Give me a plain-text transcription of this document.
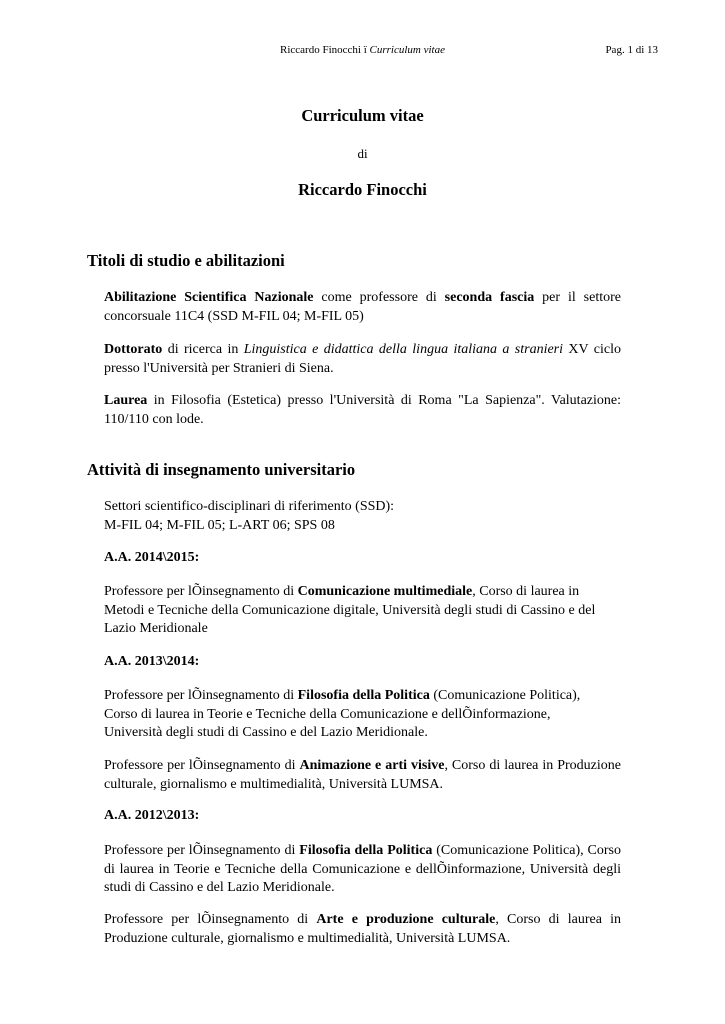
Riccardo Finocchi ï Curriculum vitae	Pag. 1 di 13
Curriculum vitae
di
Riccardo Finocchi
Titoli di studio e abilitazioni
Abilitazione Scientifica Nazionale come professore di seconda fascia per il settore concorsuale 11C4 (SSD M-FIL 04; M-FIL 05)
Dottorato di ricerca in Linguistica e didattica della lingua italiana a stranieri XV ciclo presso l'Università per Stranieri di Siena.
Laurea in Filosofia (Estetica) presso l'Università di Roma "La Sapienza". Valutazione: 110/110 con lode.
Attività di insegnamento universitario
Settori scientifico-disciplinari di riferimento (SSD):
M-FIL 04; M-FIL 05; L-ART 06; SPS 08
A.A. 2014\2015:
Professore per lÕinsegnamento di Comunicazione multimediale, Corso di laurea in Metodi e Tecniche della Comunicazione digitale, Università degli studi di Cassino e del Lazio Meridionale
A.A. 2013\2014:
Professore per lÕinsegnamento di Filosofia della Politica (Comunicazione Politica), Corso di laurea in Teorie e Tecniche della Comunicazione e dellÕinformazione, Università degli studi di Cassino e del Lazio Meridionale.
Professore per lÕinsegnamento di Animazione e arti visive, Corso di laurea in Produzione culturale, giornalismo e multimedialità, Università LUMSA.
A.A. 2012\2013:
Professore per lÕinsegnamento di Filosofia della Politica (Comunicazione Politica), Corso di laurea in Teorie e Tecniche della Comunicazione e dellÕinformazione, Università degli studi di Cassino e del Lazio Meridionale.
Professore per lÕinsegnamento di Arte e produzione culturale, Corso di laurea in Produzione culturale, giornalismo e multimedialità, Università LUMSA.
